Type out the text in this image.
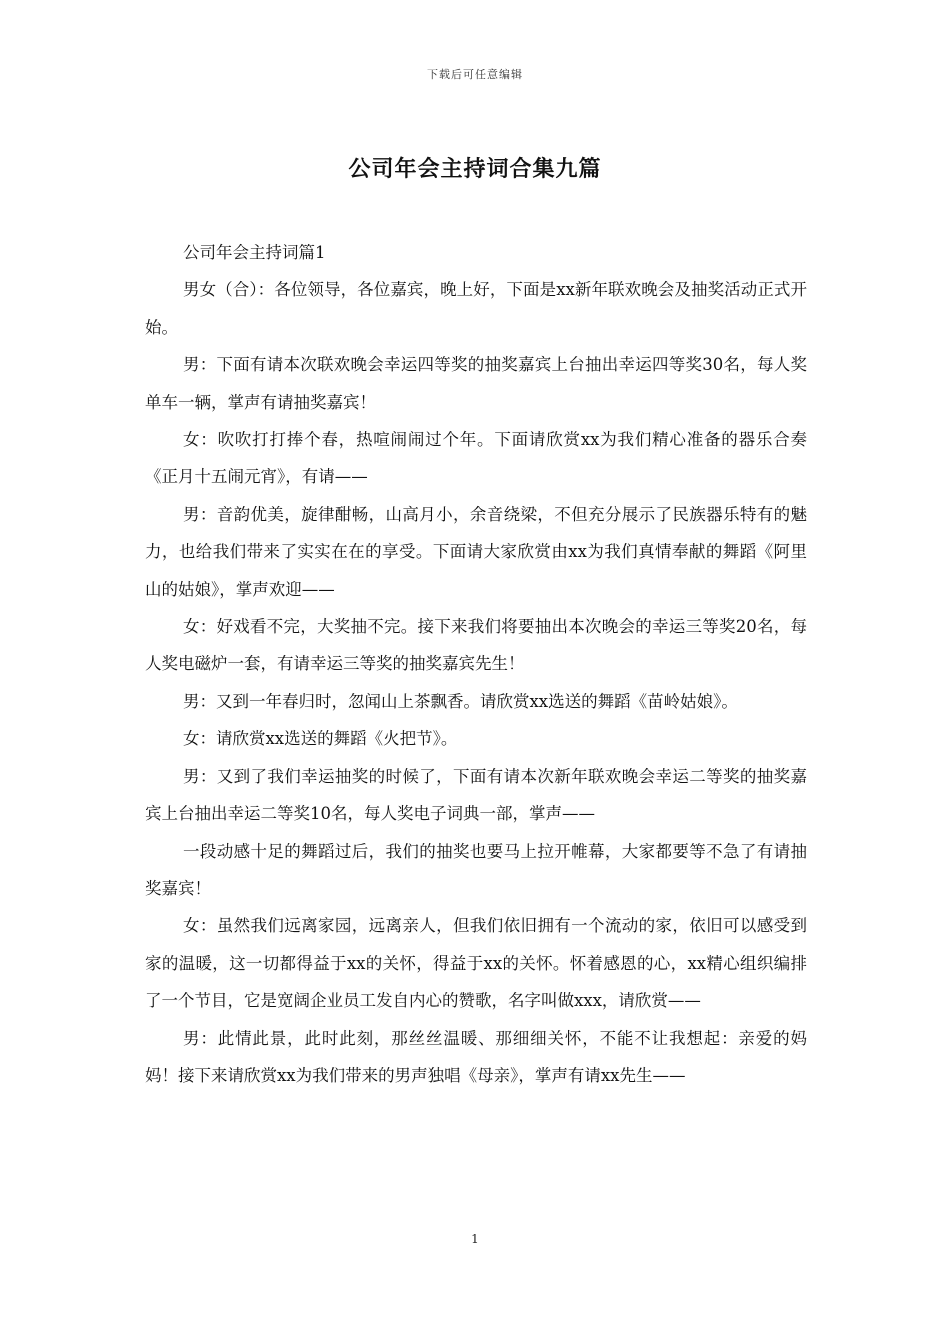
下载后可任意编辑
公司年会主持词合集九篇

公司年会主持词篇1

男女（合）：各位领导，各位嘉宾，晚上好，下面是xx新年联欢晚会及抽奖活动正式开始。

男：下面有请本次联欢晚会幸运四等奖的抽奖嘉宾上台抽出幸运四等奖30名，每人奖单车一辆，掌声有请抽奖嘉宾！

女：吹吹打打捧个春，热喧闹闹过个年。下面请欣赏xx为我们精心准备的器乐合奏《正月十五闹元宵》，有请——

男：音韵优美，旋律酣畅，山高月小，余音绕梁，不但充分展示了民族器乐特有的魅力，也给我们带来了实实在在的享受。下面请大家欣赏由xx为我们真情奉献的舞蹈《阿里山的姑娘》，掌声欢迎——

女：好戏看不完，大奖抽不完。接下来我们将要抽出本次晚会的幸运三等奖20名，每人奖电磁炉一套，有请幸运三等奖的抽奖嘉宾先生！

男：又到一年春归时，忽闻山上茶飘香。请欣赏xx选送的舞蹈《苗岭姑娘》。

女：请欣赏xx选送的舞蹈《火把节》。

男：又到了我们幸运抽奖的时候了，下面有请本次新年联欢晚会幸运二等奖的抽奖嘉宾上台抽出幸运二等奖10名，每人奖电子词典一部，掌声——

一段动感十足的舞蹈过后，我们的抽奖也要马上拉开帷幕，大家都要等不急了有请抽奖嘉宾！

女：虽然我们远离家园，远离亲人，但我们依旧拥有一个流动的家，依旧可以感受到家的温暖，这一切都得益于xx的关怀，得益于xx的关怀。怀着感恩的心，xx精心组织编排了一个节目，它是宽阔企业员工发自内心的赞歌，名字叫做xxx，请欣赏——

男：此情此景，此时此刻，那丝丝温暖、那细细关怀，不能不让我想起：亲爱的妈妈！接下来请欣赏xx为我们带来的男声独唱《母亲》，掌声有请xx先生——

1
